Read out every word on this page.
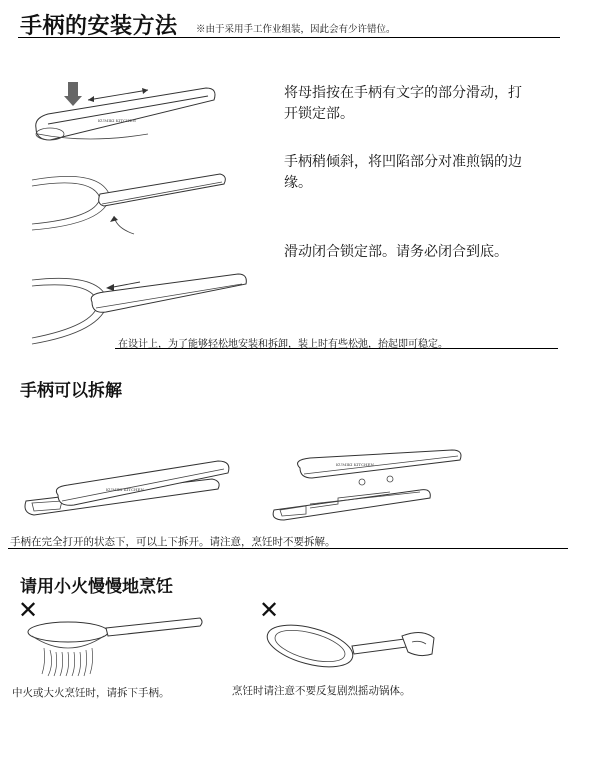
手柄的安装方法 ※由于采用手工作业组装，因此会有少许错位。
KUMIKI KITCHEN
将母指按在手柄有文字的部分滑动，打开锁定部。
手柄稍倾斜，将凹陷部分对准煎锅的边缘。
滑动闭合锁定部。请务必闭合到底。
在设计上，为了能够轻松地安装和拆卸，装上时有些松弛，抬起即可稳定。
手柄可以拆解
KUMIKI KITCHEN
KUMIKI KITCHEN
手柄在完全打开的状态下，可以上下拆开。请注意，烹饪时不要拆解。
请用小火慢慢地烹饪
✕	✕
中火或大火烹饪时，请拆下手柄。	烹饪时请注意不要反复剧烈摇动锅体。
